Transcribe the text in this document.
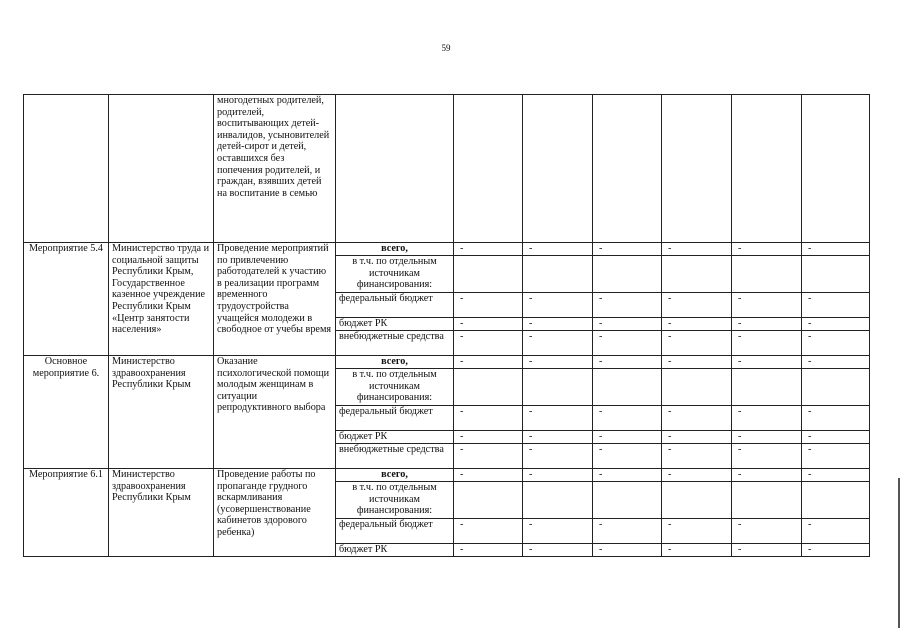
59
		многодетных родителей, родителей, воспитывающих детей-инвалидов, усыновителей детей-сирот и детей, оставшихся без попечения родителей, и граждан, взявших детей на воспитание в семью							
Мероприятие 5.4	Министерство труда и социальной защиты Республики Крым, Государственное казенное учреждение Республики Крым «Центр занятости населения»	Проведение мероприятий по привлечению работодателей к участию в реализации программ временного трудоустройства учащейся молодежи в свободное от учебы время	всего,	-	-	-	-	-	-
			в т.ч. по отдельным источникам финансирования:						
			федеральный бюджет	-	-	-	-	-	-
			бюджет РК	-	-	-	-	-	-
			внебюджетные средства	-	-	-	-	-	-
Основное мероприятие 6.	Министерство здравоохранения Республики Крым	Оказание психологической помощи молодым женщинам в ситуации репродуктивного выбора	всего,	-	-	-	-	-	-
			в т.ч. по отдельным источникам финансирования:						
			федеральный бюджет	-	-	-	-	-	-
			бюджет РК	-	-	-	-	-	-
			внебюджетные средства	-	-	-	-	-	-
Мероприятие 6.1	Министерство здравоохранения Республики Крым	Проведение работы по пропаганде грудного вскармливания (усовершенствование кабинетов здорового ребенка)	всего,	-	-	-	-	-	-
			в т.ч. по отдельным источникам финансирования:						
			федеральный бюджет	-	-	-	-	-	-
			бюджет РК	-	-	-	-	-	-
